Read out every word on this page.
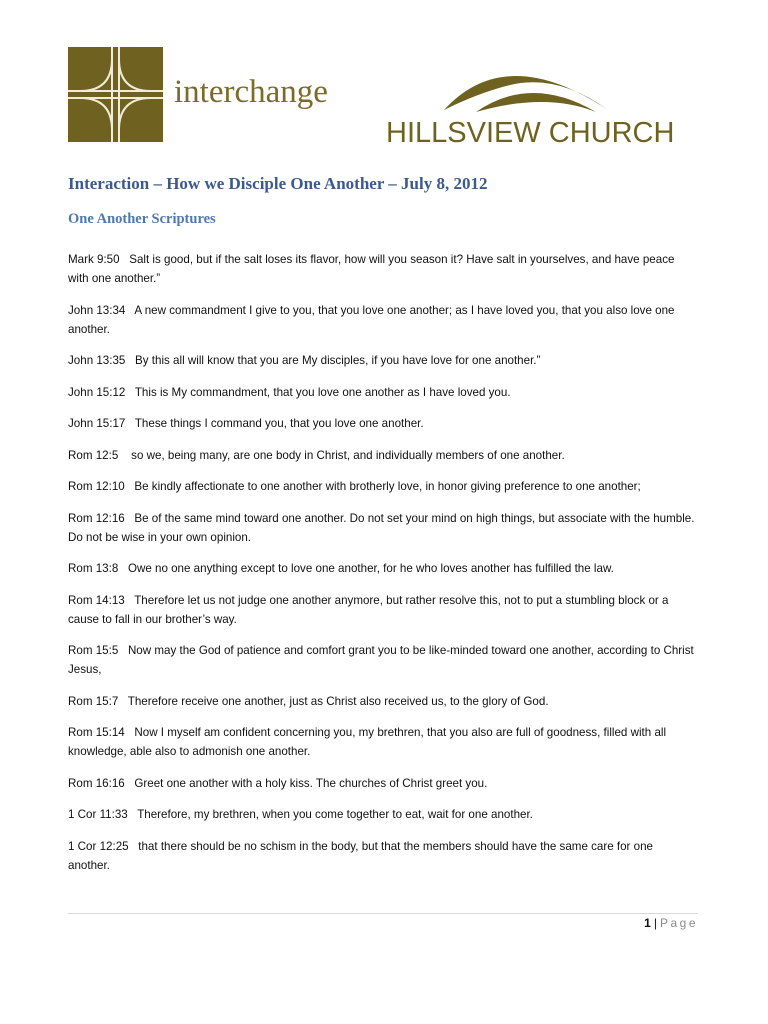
interchange
HILLSVIEW CHURCH
Interaction – How we Disciple One Another – July 8, 2012
One Another Scriptures

Mark 9:50 Salt is good, but if the salt loses its flavor, how will you season it? Have salt in yourselves, and have peace with one another.”

John 13:34 A new commandment I give to you, that you love one another; as I have loved you, that you also love one another.

John 13:35 By this all will know that you are My disciples, if you have love for one another.”

John 15:12 This is My commandment, that you love one another as I have loved you.

John 15:17 These things I command you, that you love one another.

Rom 12:5 so we, being many, are one body in Christ, and individually members of one another.

Rom 12:10 Be kindly affectionate to one another with brotherly love, in honor giving preference to one another;

Rom 12:16 Be of the same mind toward one another. Do not set your mind on high things, but associate with the humble. Do not be wise in your own opinion.

Rom 13:8 Owe no one anything except to love one another, for he who loves another has fulfilled the law.

Rom 14:13 Therefore let us not judge one another anymore, but rather resolve this, not to put a stumbling block or a cause to fall in our brother’s way.

Rom 15:5 Now may the God of patience and comfort grant you to be like-minded toward one another, according to Christ Jesus,

Rom 15:7 Therefore receive one another, just as Christ also received us, to the glory of God.

Rom 15:14 Now I myself am confident concerning you, my brethren, that you also are full of goodness, filled with all knowledge, able also to admonish one another.

Rom 16:16 Greet one another with a holy kiss. The churches of Christ greet you.

1 Cor 11:33 Therefore, my brethren, when you come together to eat, wait for one another.

1 Cor 12:25 that there should be no schism in the body, but that the members should have the same care for one another.

1 | Page
